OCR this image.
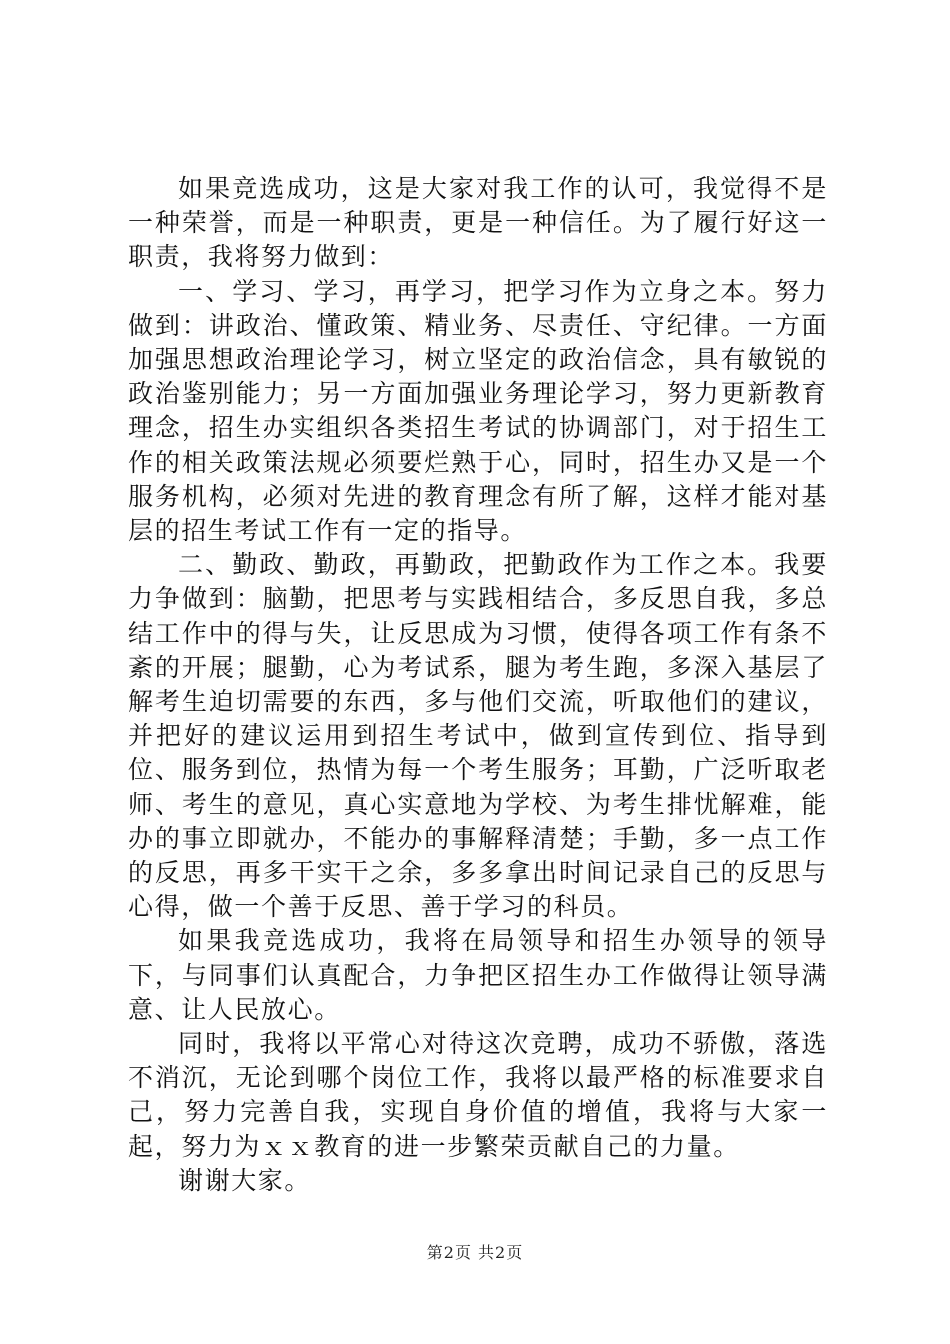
如果竞选成功，这是大家对我工作的认可，我觉得不是一种荣誉，而是一种职责，更是一种信任。为了履行好这一职责，我将努力做到：

一、学习、学习，再学习，把学习作为立身之本。努力做到：讲政治、懂政策、精业务、尽责任、守纪律。一方面加强思想政治理论学习，树立坚定的政治信念，具有敏锐的政治鉴别能力；另一方面加强业务理论学习，努力更新教育理念，招生办实组织各类招生考试的协调部门，对于招生工作的相关政策法规必须要烂熟于心，同时，招生办又是一个服务机构，必须对先进的教育理念有所了解，这样才能对基层的招生考试工作有一定的指导。

二、勤政、勤政，再勤政，把勤政作为工作之本。我要力争做到：脑勤，把思考与实践相结合，多反思自我，多总结工作中的得与失，让反思成为习惯，使得各项工作有条不紊的开展；腿勤，心为考试系，腿为考生跑，多深入基层了解考生迫切需要的东西，多与他们交流，听取他们的建议，并把好的建议运用到招生考试中，做到宣传到位、指导到位、服务到位，热情为每一个考生服务；耳勤，广泛听取老师、考生的意见，真心实意地为学校、为考生排忧解难，能办的事立即就办，不能办的事解释清楚；手勤，多一点工作的反思，再多干实干之余，多多拿出时间记录自己的反思与心得，做一个善于反思、善于学习的科员。

如果我竞选成功，我将在局领导和招生办领导的领导下，与同事们认真配合，力争把区招生办工作做得让领导满意、让人民放心。

同时，我将以平常心对待这次竞聘，成功不骄傲，落选不消沉，无论到哪个岗位工作，我将以最严格的标准要求自己，努力完善自我，实现自身价值的增值，我将与大家一起，努力为ｘｘ教育的进一步繁荣贡献自己的力量。

谢谢大家。

第2页 共2页
